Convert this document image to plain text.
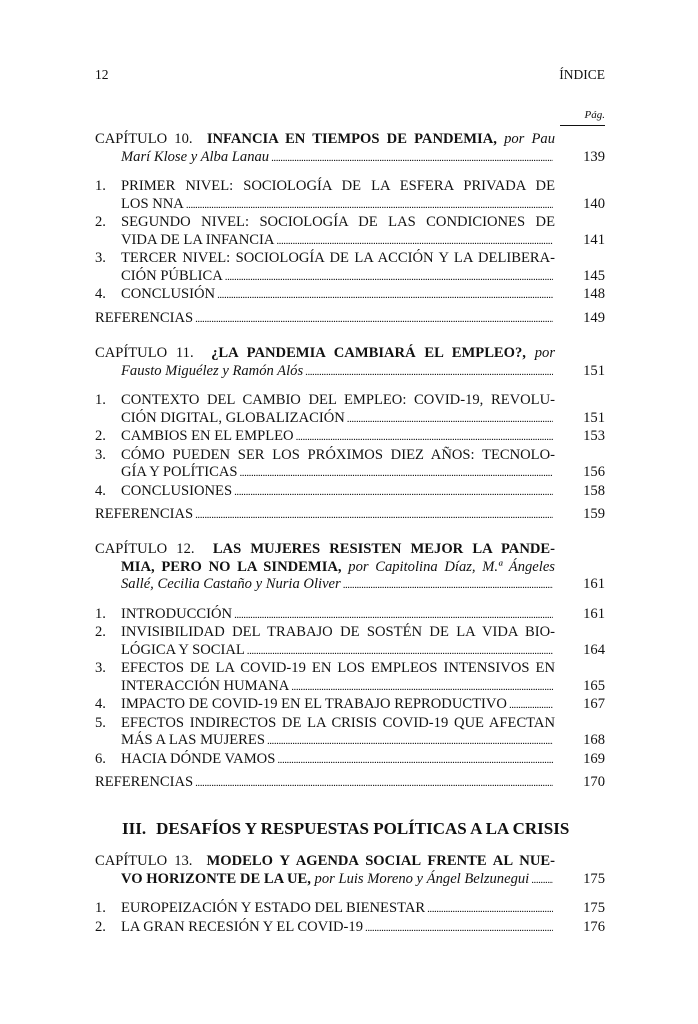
12	ÍNDICE
Pág.
CAPÍTULO 10. INFANCIA EN TIEMPOS DE PANDEMIA, por Pau
Marí Klose y Alba Lanau . . .	139
1. PRIMER NIVEL: SOCIOLOGÍA DE LA ESFERA PRIVADA DE
LOS NNA . . .	140
2. SEGUNDO NIVEL: SOCIOLOGÍA DE LAS CONDICIONES DE
VIDA DE LA INFANCIA . . .	141
3. TERCER NIVEL: SOCIOLOGÍA DE LA ACCIÓN Y LA DELIBERA-
CIÓN PÚBLICA . . .	145
4. CONCLUSIÓN . . .	148
REFERENCIAS . . .	149
CAPÍTULO 11. ¿LA PANDEMIA CAMBIARÁ EL EMPLEO?, por
Fausto Miguélez y Ramón Alós . . .	151
1. CONTEXTO DEL CAMBIO DEL EMPLEO: COVID-19, REVOLU-
CIÓN DIGITAL, GLOBALIZACIÓN . . .	151
2. CAMBIOS EN EL EMPLEO . . .	153
3. CÓMO PUEDEN SER LOS PRÓXIMOS DIEZ AÑOS: TECNOLO-
GÍA Y POLÍTICAS . . .	156
4. CONCLUSIONES . . .	158
REFERENCIAS . . .	159
CAPÍTULO 12. LAS MUJERES RESISTEN MEJOR LA PANDE-
MIA, PERO NO LA SINDEMIA, por Capitolina Díaz, M.ª Ángeles
Sallé, Cecilia Castaño y Nuria Oliver . . .	161
1. INTRODUCCIÓN . . .	161
2. INVISIBILIDAD DEL TRABAJO DE SOSTÉN DE LA VIDA BIO-
LÓGICA Y SOCIAL . . .	164
3. EFECTOS DE LA COVID-19 EN LOS EMPLEOS INTENSIVOS EN
INTERACCIÓN HUMANA . . .	165
4. IMPACTO DE COVID-19 EN EL TRABAJO REPRODUCTIVO . . .	167
5. EFECTOS INDIRECTOS DE LA CRISIS COVID-19 QUE AFECTAN
MÁS A LAS MUJERES . . .	168
6. HACIA DÓNDE VAMOS . . .	169
REFERENCIAS . . .	170
III. DESAFÍOS Y RESPUESTAS POLÍTICAS A LA CRISIS
CAPÍTULO 13. MODELO Y AGENDA SOCIAL FRENTE AL NUE-
VO HORIZONTE DE LA UE, por Luis Moreno y Ángel Belzunegui . . .	175
1. EUROPEIZACIÓN Y ESTADO DEL BIENESTAR . . .	175
2. LA GRAN RECESIÓN Y EL COVID-19 . . .	176
